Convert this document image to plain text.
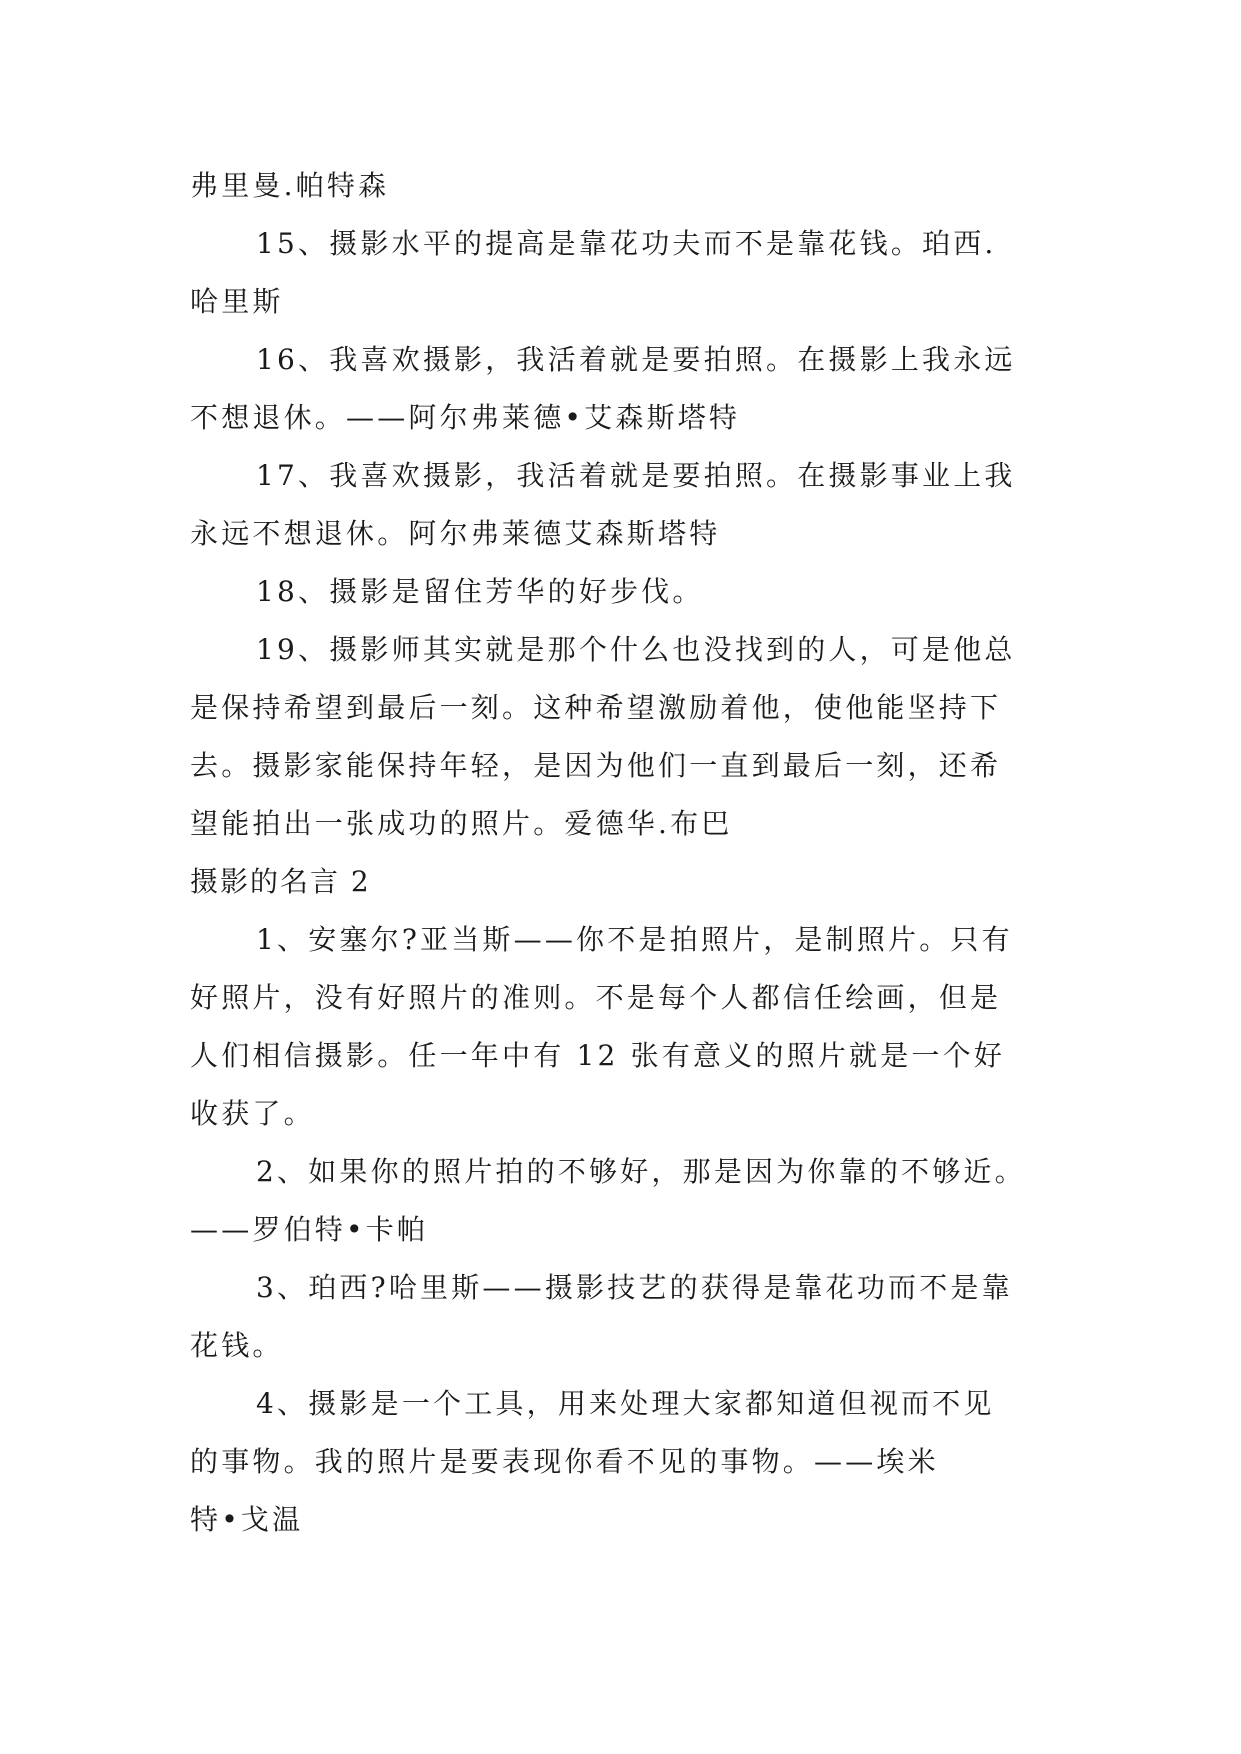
弗里曼.帕特森
15、摄影水平的提高是靠花功夫而不是靠花钱。珀西.
哈里斯
16、我喜欢摄影，我活着就是要拍照。在摄影上我永远
不想退休。——阿尔弗莱德•艾森斯塔特
17、我喜欢摄影，我活着就是要拍照。在摄影事业上我
永远不想退休。阿尔弗莱德艾森斯塔特
18、摄影是留住芳华的好步伐。
19、摄影师其实就是那个什么也没找到的人，可是他总
是保持希望到最后一刻。这种希望激励着他，使他能坚持下
去。摄影家能保持年轻，是因为他们一直到最后一刻，还希
望能拍出一张成功的照片。爱德华.布巴
摄影的名言 2
1、安塞尔?亚当斯——你不是拍照片，是制照片。只有
好照片，没有好照片的准则。不是每个人都信任绘画，但是
人们相信摄影。任一年中有 12 张有意义的照片就是一个好
收获了。
2、如果你的照片拍的不够好，那是因为你靠的不够近。
——罗伯特•卡帕
3、珀西?哈里斯——摄影技艺的获得是靠花功而不是靠
花钱。
4、摄影是一个工具，用来处理大家都知道但视而不见
的事物。我的照片是要表现你看不见的事物。——埃米
特•戈温
